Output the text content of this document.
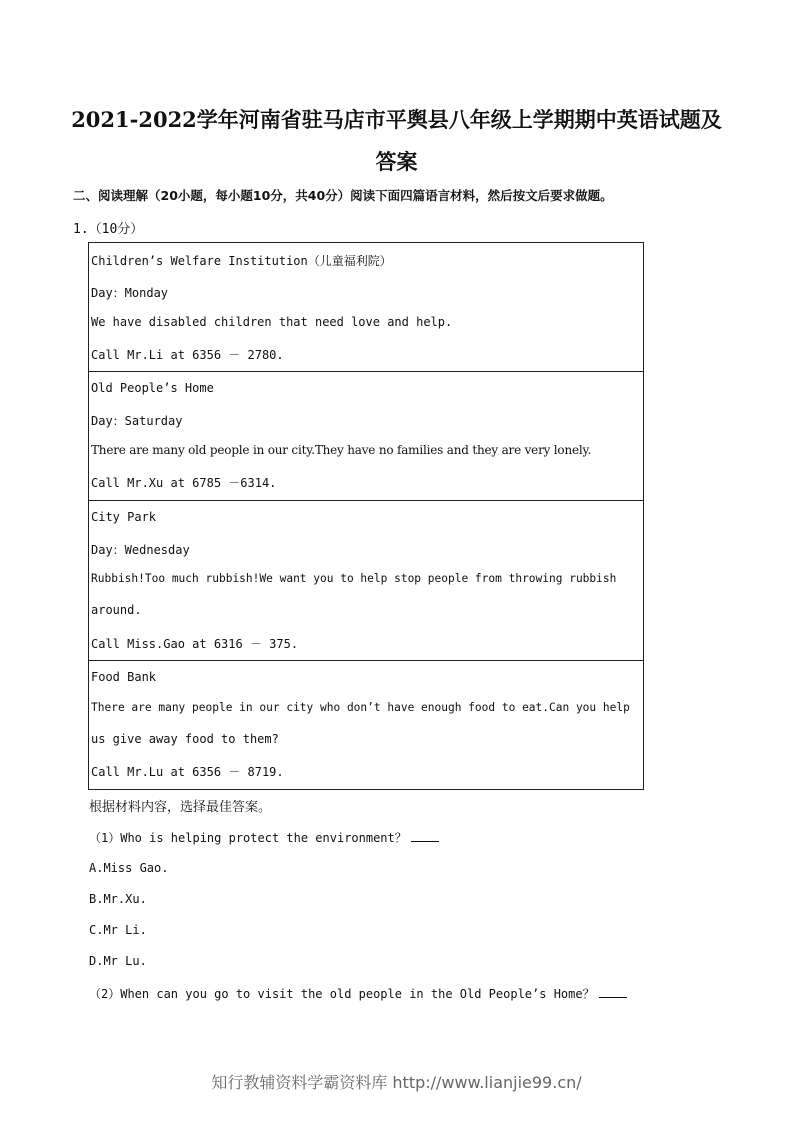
2021-2022学年河南省驻马店市平舆县八年级上学期期中英语试题及
答案
二、阅读理解（20小题，每小题10分，共40分）阅读下面四篇语言材料，然后按文后要求做题。
1.（10分）
Children’s Welfare Institution（儿童福利院）
Day：Monday
We have disabled children that need love and help.
Call Mr.Li at 6356 － 2780.
Old People’s Home
Day：Saturday
There are many old people in our city.They have no families and they are very lonely.
Call Mr.Xu at 6785 －6314.
City Park
Day：Wednesday
Rubbish!Too much rubbish!We want you to help stop people from throwing rubbish
around.
Call Miss.Gao at 6316 － 375.
Food Bank
There are many people in our city who don’t have enough food to eat.Can you help
us give away food to them?
Call Mr.Lu at 6356 － 8719.
根据材料内容，选择最佳答案。
（1）Who is helping protect the environment？
A.Miss Gao.
B.Mr.Xu.
C.Mr Li.
D.Mr Lu.
（2）When can you go to visit the old people in the Old People’s Home？
知行教辅资料学霸资料库 http://www.lianjie99.cn/
